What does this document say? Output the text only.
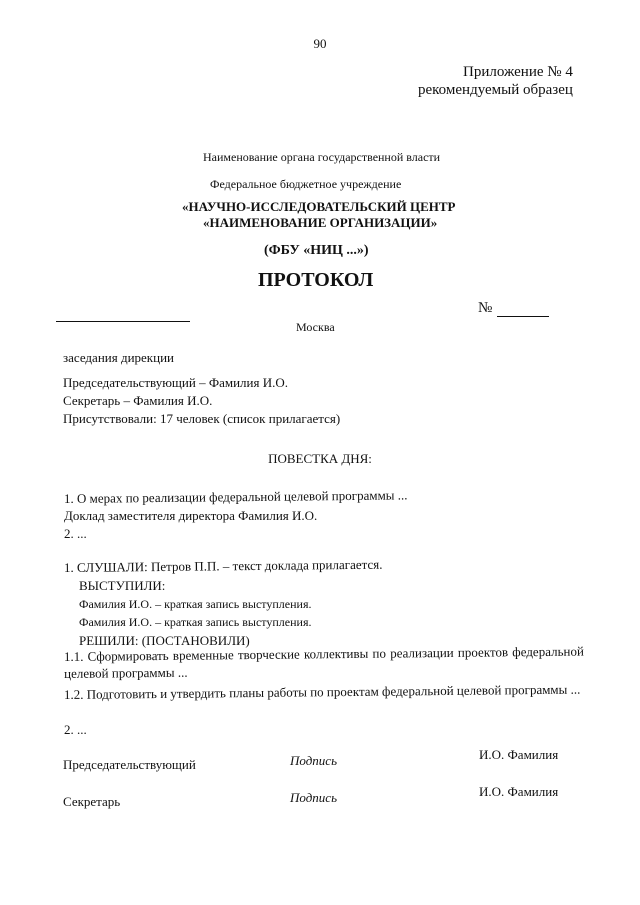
90
Приложение № 4
рекомендуемый образец
Наименование органа государственной власти
Федеральное бюджетное учреждение
«НАУЧНО-ИССЛЕДОВАТЕЛЬСКИЙ ЦЕНТР
«НАИМЕНОВАНИЕ ОРГАНИЗАЦИИ»
(ФБУ «НИЦ ...»)
ПРОТОКОЛ
№
Москва
заседания дирекции
Председательствующий – Фамилия И.О.
Секретарь – Фамилия И.О.
Присутствовали: 17 человек (список прилагается)
ПОВЕСТКА ДНЯ:
1. О мерах по реализации федеральной целевой программы ...
Доклад заместителя директора Фамилия И.О.
2. ...
1. СЛУШАЛИ: Петров П.П. – текст доклада прилагается.
ВЫСТУПИЛИ:
Фамилия И.О. – краткая запись выступления.
Фамилия И.О. – краткая запись выступления.
РЕШИЛИ: (ПОСТАНОВИЛИ)
1.1. Сформировать временные творческие коллективы по реализации проектов федеральной целевой программы ...
1.2. Подготовить и утвердить планы работы по проектам федеральной целевой программы ...
2. ...
Председательствующий	Подпись	И.О. Фамилия
Секретарь	Подпись	И.О. Фамилия
